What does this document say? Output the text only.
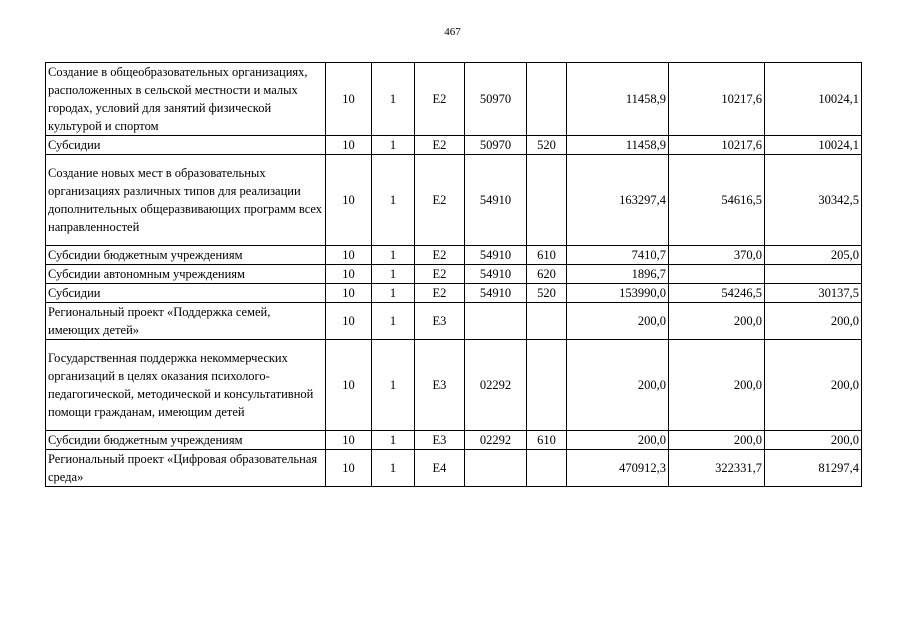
467
Создание в общеобразовательных организациях, расположенных в сельской местности и малых городах, условий для занятий физической культурой и спортом	10	1	Е2	50970		11458,9	10217,6	10024,1
Субсидии	10	1	Е2	50970	520	11458,9	10217,6	10024,1
Создание новых мест в образовательных организациях различных типов для реализации дополнительных общеразвивающих программ всех направленностей	10	1	Е2	54910		163297,4	54616,5	30342,5
Субсидии бюджетным учреждениям	10	1	Е2	54910	610	7410,7	370,0	205,0
Субсидии автономным учреждениям	10	1	Е2	54910	620	1896,7		
Субсидии	10	1	Е2	54910	520	153990,0	54246,5	30137,5
Региональный проект «Поддержка семей, имеющих детей»	10	1	Е3			200,0	200,0	200,0
Государственная поддержка некоммерческих организаций в целях оказания психолого-педагогической, методической и консультативной помощи гражданам, имеющим детей	10	1	Е3	02292		200,0	200,0	200,0
Субсидии бюджетным учреждениям	10	1	Е3	02292	610	200,0	200,0	200,0
Региональный проект «Цифровая образовательная среда»	10	1	Е4			470912,3	322331,7	81297,4
